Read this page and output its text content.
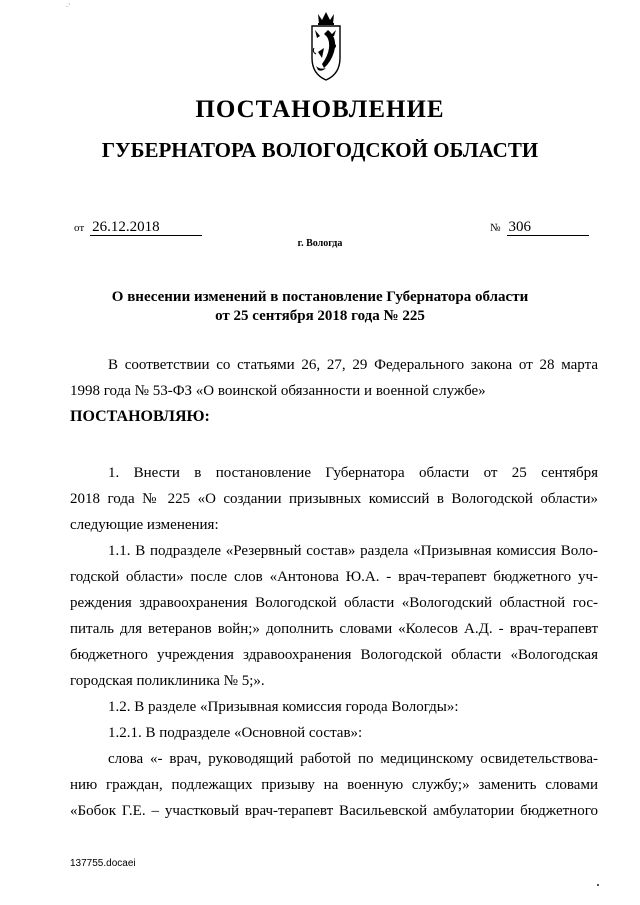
.·
ПОСТАНОВЛЕНИЕ
ГУБЕРНАТОРА ВОЛОГОДСКОЙ ОБЛАСТИ
от 26.12.2018	№ 306
г. Вологда
О внесении изменений в постановление Губернатора области
от 25 сентября 2018 года № 225
В соответствии со статьями 26, 27, 29 Федерального закона от 28 марта
1998 года № 53-ФЗ «О воинской обязанности и военной службе»
ПОСТАНОВЛЯЮ:
1. Внести в постановление Губернатора области от 25 сентября
2018 года № 225 «О создании призывных комиссий в Вологодской области»
следующие изменения:
1.1. В подразделе «Резервный состав» раздела «Призывная комиссия Воло-
годской области» после слов «Антонова Ю.А. - врач-терапевт бюджетного уч-
реждения здравоохранения Вологодской области «Вологодский областной гос-
питаль для ветеранов войн;» дополнить словами «Колесов А.Д. - врач-терапевт
бюджетного учреждения здравоохранения Вологодской области «Вологодская
городская поликлиника № 5;».
1.2. В разделе «Призывная комиссия города Вологды»:
1.2.1. В подразделе «Основной состав»:
слова «- врач, руководящий работой по медицинскому освидетельствова-
нию граждан, подлежащих призыву на военную службу;» заменить словами
«Бобок Г.Е. – участковый врач-терапевт Васильевской амбулатории бюджетного
137755.docaei
